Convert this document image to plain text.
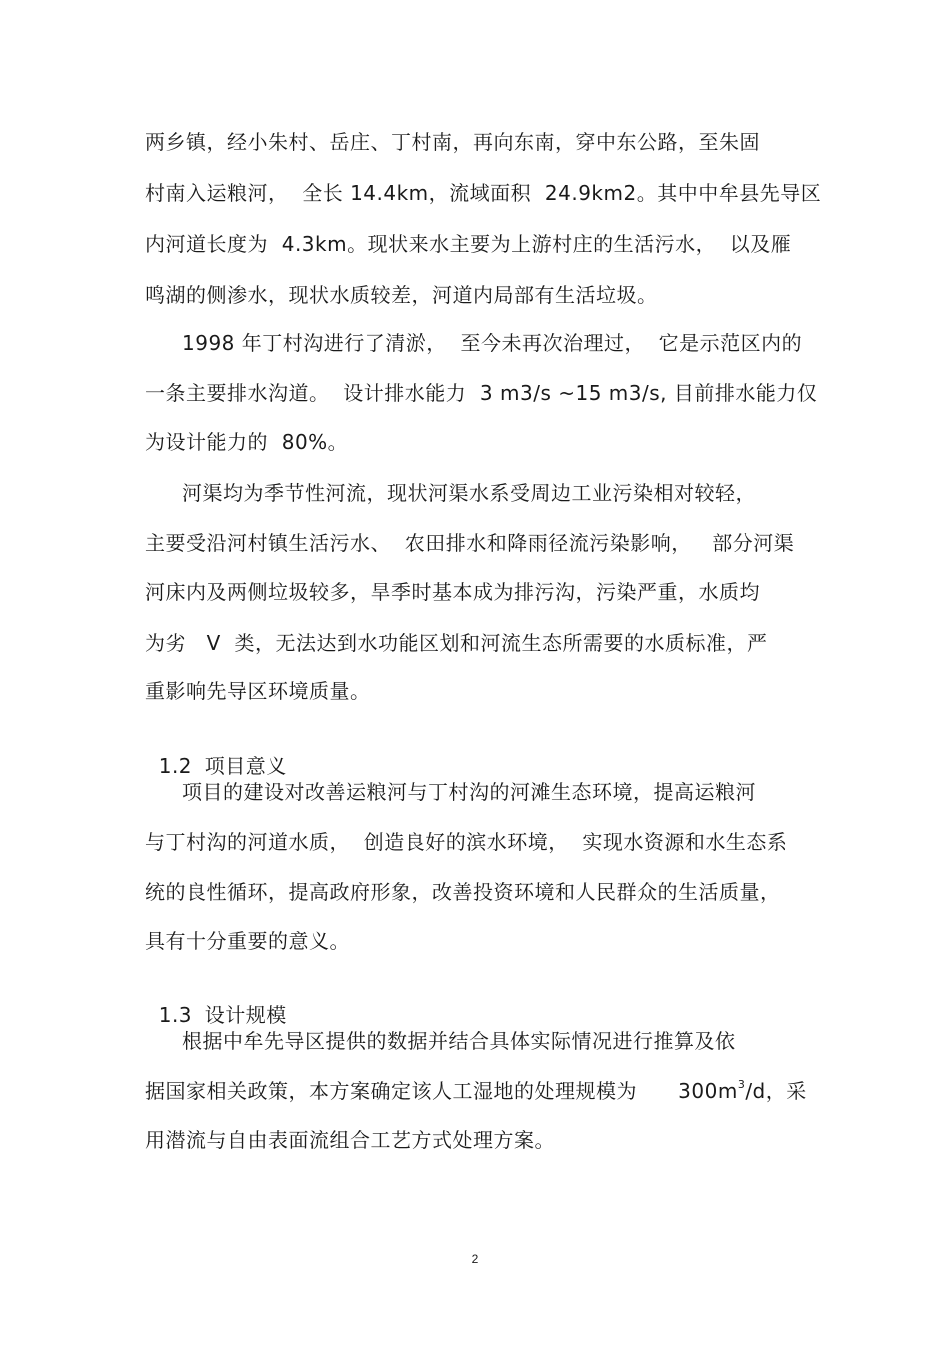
两乡镇，经小朱村、岳庄、丁村南，再向东南，穿中东公路，至朱固
村南入运粮河，  全长 14.4km，流域面积  24.9km2。其中中牟县先导区
内河道长度为  4.3km。现状来水主要为上游村庄的生活污水，  以及雁
鸣湖的侧渗水，现状水质较差，河道内局部有生活垃圾。
1998 年丁村沟进行了清淤，  至今未再次治理过，  它是示范区内的
一条主要排水沟道。  设计排水能力  3 m3/s ~15 m3/s, 目前排水能力仅
为设计能力的  80%。
河渠均为季节性河流，现状河渠水系受周边工业污染相对较轻，
主要受沿河村镇生活污水、  农田排水和降雨径流污染影响，   部分河渠
河床内及两侧垃圾较多，旱季时基本成为排污沟，污染严重，水质均
为劣   V  类，无法达到水功能区划和河流生态所需要的水质标准，严
重影响先导区环境质量。

1.2 项目意义

项目的建设对改善运粮河与丁村沟的河滩生态环境，提高运粮河
与丁村沟的河道水质，  创造良好的滨水环境，  实现水资源和水生态系
统的良性循环，提高政府形象，改善投资环境和人民群众的生活质量，
具有十分重要的意义。

1.3 设计规模

根据中牟先导区提供的数据并结合具体实际情况进行推算及依
据国家相关政策，本方案确定该人工湿地的处理规模为      $300m^3/d$，采
用潜流与自由表面流组合工艺方式处理方案。
2
